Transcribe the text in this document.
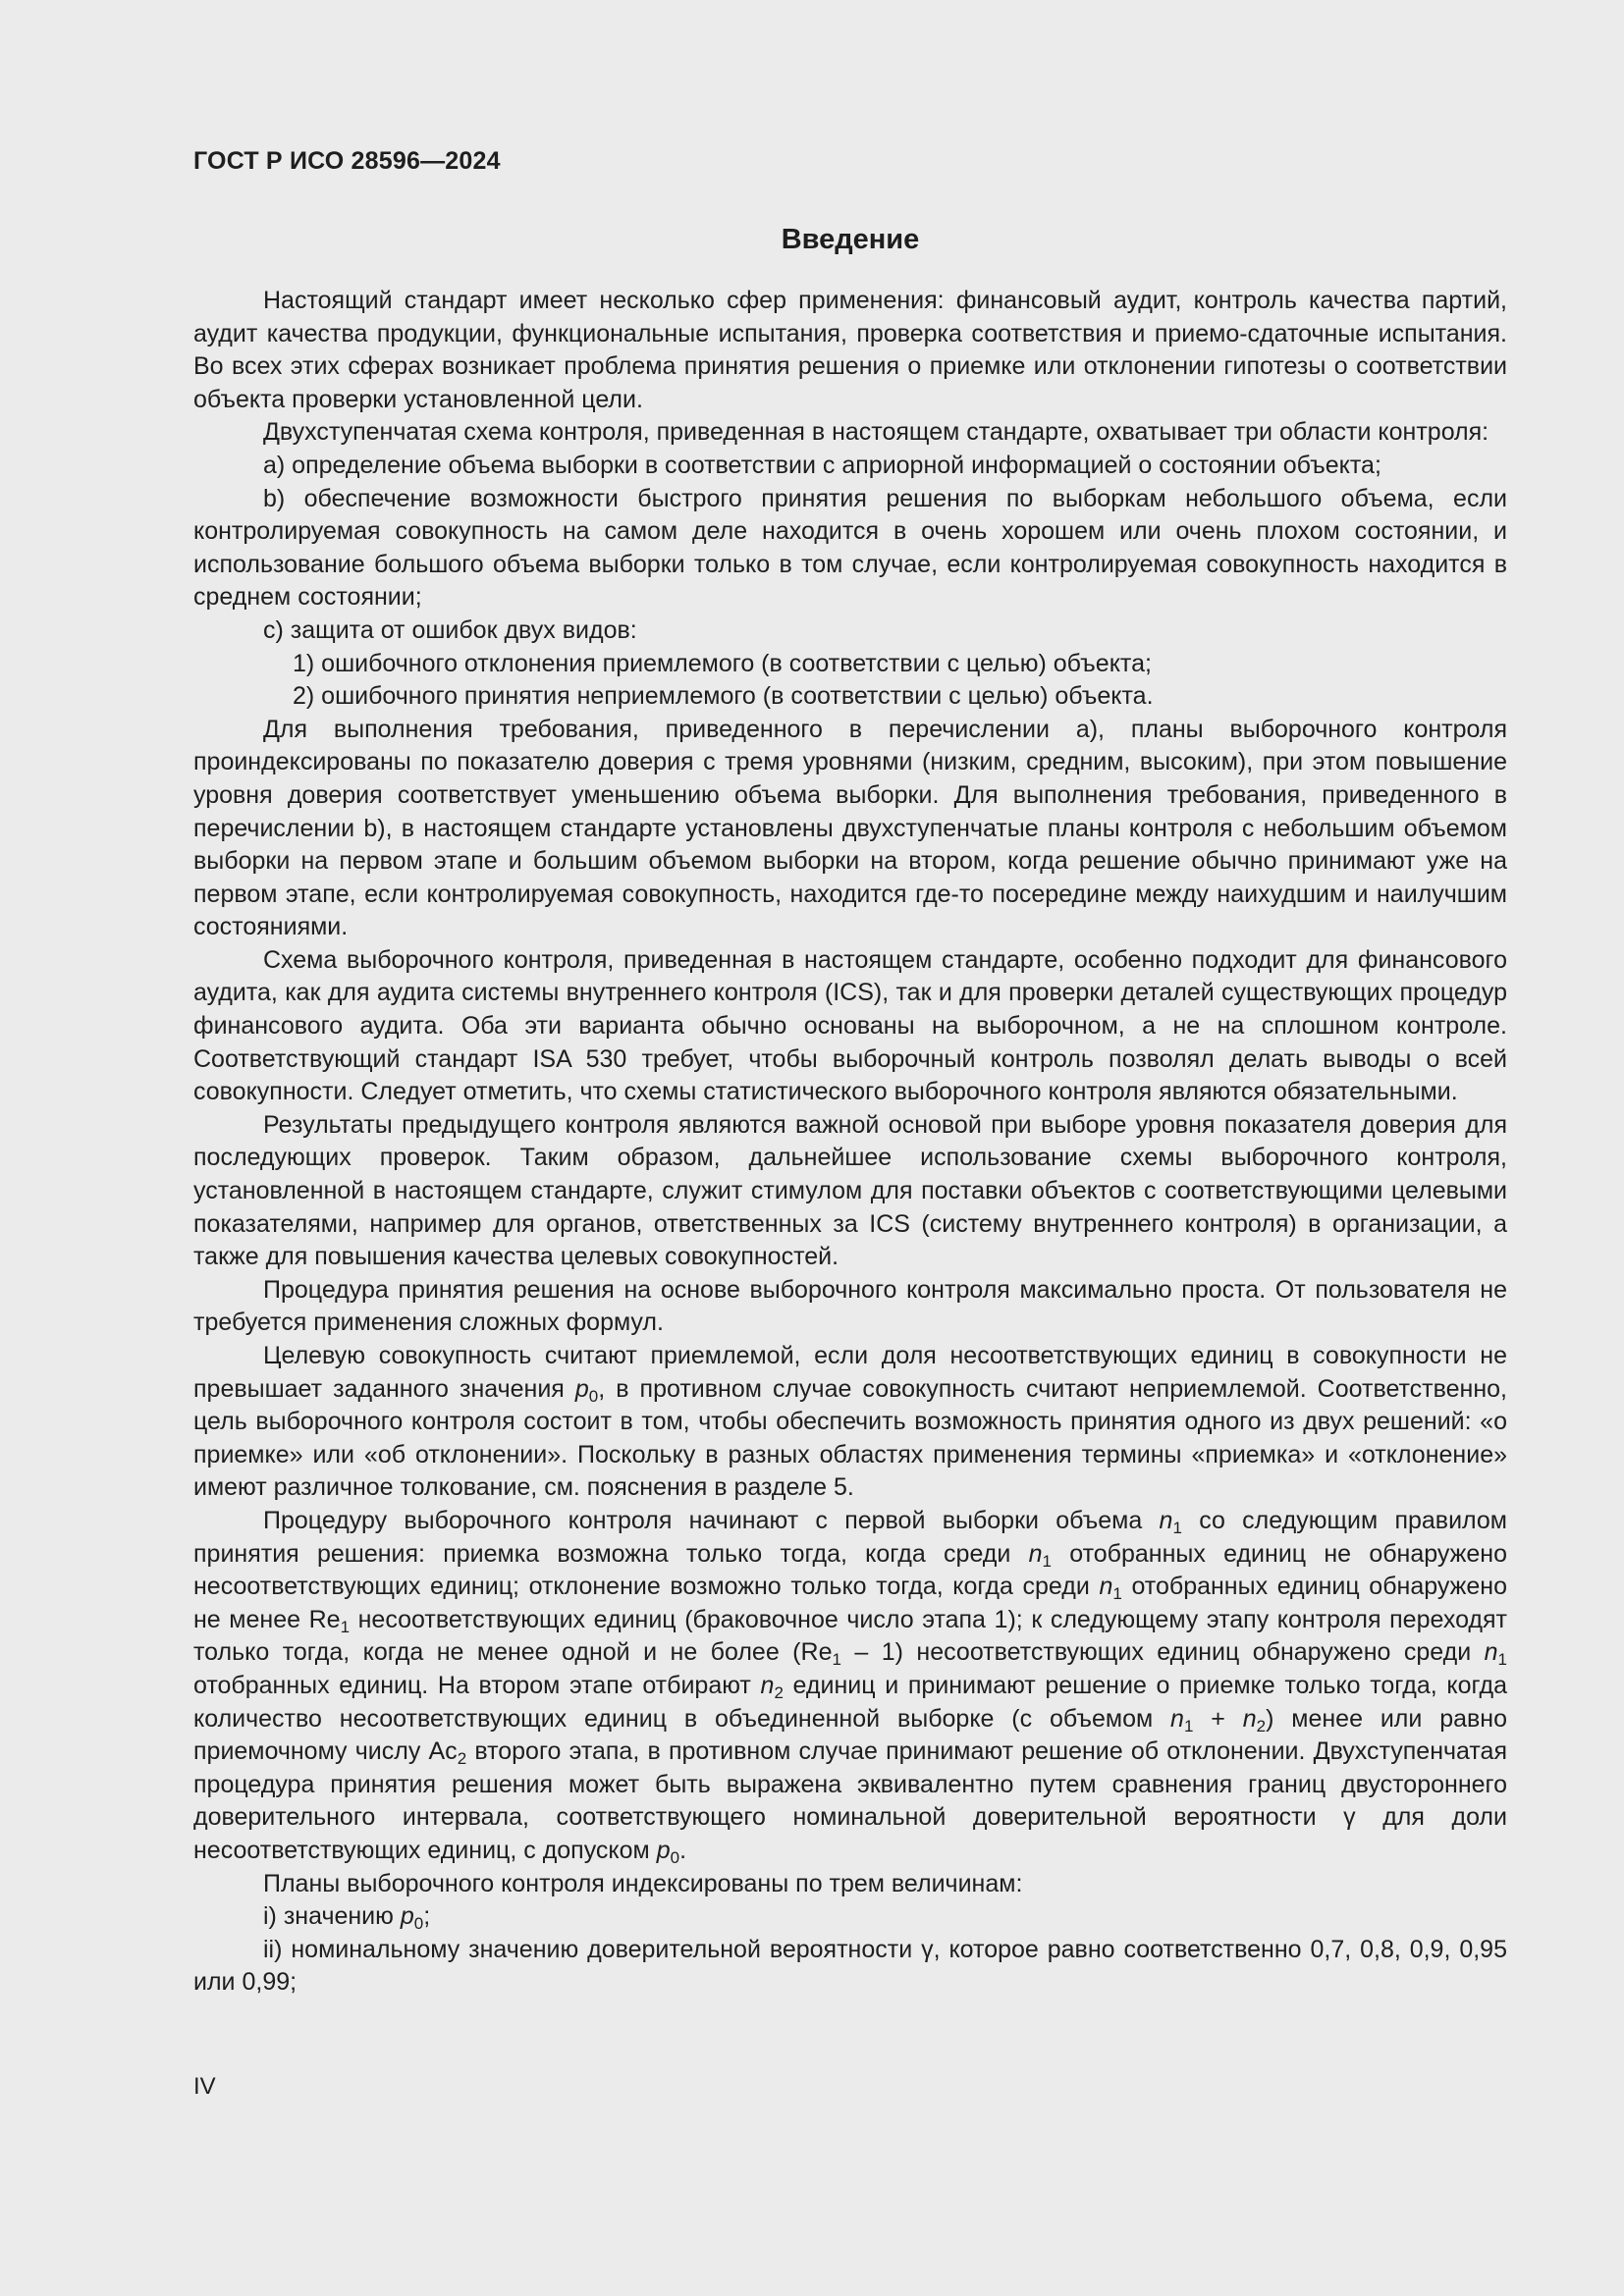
ГОСТ Р ИСО 28596—2024
Введение

Настоящий стандарт имеет несколько сфер применения: финансовый аудит, контроль качества партий, аудит качества продукции, функциональные испытания, проверка соответствия и приемо-сдаточные испытания. Во всех этих сферах возникает проблема принятия решения о приемке или отклонении гипотезы о соответствии объекта проверки установленной цели.

Двухступенчатая схема контроля, приведенная в настоящем стандарте, охватывает три области контроля:

a) определение объема выборки в соответствии с априорной информацией о состоянии объекта;

b) обеспечение возможности быстрого принятия решения по выборкам небольшого объема, если контролируемая совокупность на самом деле находится в очень хорошем или очень плохом состоянии, и использование большого объема выборки только в том случае, если контролируемая совокупность находится в среднем состоянии;

c) защита от ошибок двух видов:

1) ошибочного отклонения приемлемого (в соответствии с целью) объекта;

2) ошибочного принятия неприемлемого (в соответствии с целью) объекта.

Для выполнения требования, приведенного в перечислении a), планы выборочного контроля проиндексированы по показателю доверия с тремя уровнями (низким, средним, высоким), при этом повышение уровня доверия соответствует уменьшению объема выборки. Для выполнения требования, приведенного в перечислении b), в настоящем стандарте установлены двухступенчатые планы контроля с небольшим объемом выборки на первом этапе и большим объемом выборки на втором, когда решение обычно принимают уже на первом этапе, если контролируемая совокупность, находится где-то посередине между наихудшим и наилучшим состояниями.

Схема выборочного контроля, приведенная в настоящем стандарте, особенно подходит для финансового аудита, как для аудита системы внутреннего контроля (ICS), так и для проверки деталей существующих процедур финансового аудита. Оба эти варианта обычно основаны на выборочном, а не на сплошном контроле. Соответствующий стандарт ISA 530 требует, чтобы выборочный контроль позволял делать выводы о всей совокупности. Следует отметить, что схемы статистического выборочного контроля являются обязательными.

Результаты предыдущего контроля являются важной основой при выборе уровня показателя доверия для последующих проверок. Таким образом, дальнейшее использование схемы выборочного контроля, установленной в настоящем стандарте, служит стимулом для поставки объектов с соответствующими целевыми показателями, например для органов, ответственных за ICS (систему внутреннего контроля) в организации, а также для повышения качества целевых совокупностей.

Процедура принятия решения на основе выборочного контроля максимально проста. От пользователя не требуется применения сложных формул.

Целевую совокупность считают приемлемой, если доля несоответствующих единиц в совокупности не превышает заданного значения $p_0$, в противном случае совокупность считают неприемлемой. Соответственно, цель выборочного контроля состоит в том, чтобы обеспечить возможность принятия одного из двух решений: «о приемке» или «об отклонении». Поскольку в разных областях применения термины «приемка» и «отклонение» имеют различное толкование, см. пояснения в разделе 5.

Процедуру выборочного контроля начинают с первой выборки объема $n_1$ со следующим правилом принятия решения: приемка возможна только тогда, когда среди $n_1$ отобранных единиц не обнаружено несоответствующих единиц; отклонение возможно только тогда, когда среди $n_1$ отобранных единиц обнаружено не менее $Re_1$ несоответствующих единиц (браковочное число этапа 1); к следующему этапу контроля переходят только тогда, когда не менее одной и не более $(Re_1 - 1)$ несоответствующих единиц обнаружено среди $n_1$ отобранных единиц. На втором этапе отбирают $n_2$ единиц и принимают решение о приемке только тогда, когда количество несоответствующих единиц в объединенной выборке (с объемом $n_1 + n_2$) менее или равно приемочному числу $Ac_2$ второго этапа, в противном случае принимают решение об отклонении. Двухступенчатая процедура принятия решения может быть выражена эквивалентно путем сравнения границ двустороннего доверительного интервала, соответствующего номинальной доверительной вероятности γ для доли несоответствующих единиц, с допуском $p_0$.

Планы выборочного контроля индексированы по трем величинам:

i) значению $p_0$;

ii) номинальному значению доверительной вероятности γ, которое равно соответственно 0,7, 0,8, 0,9, 0,95 или 0,99;

IV
